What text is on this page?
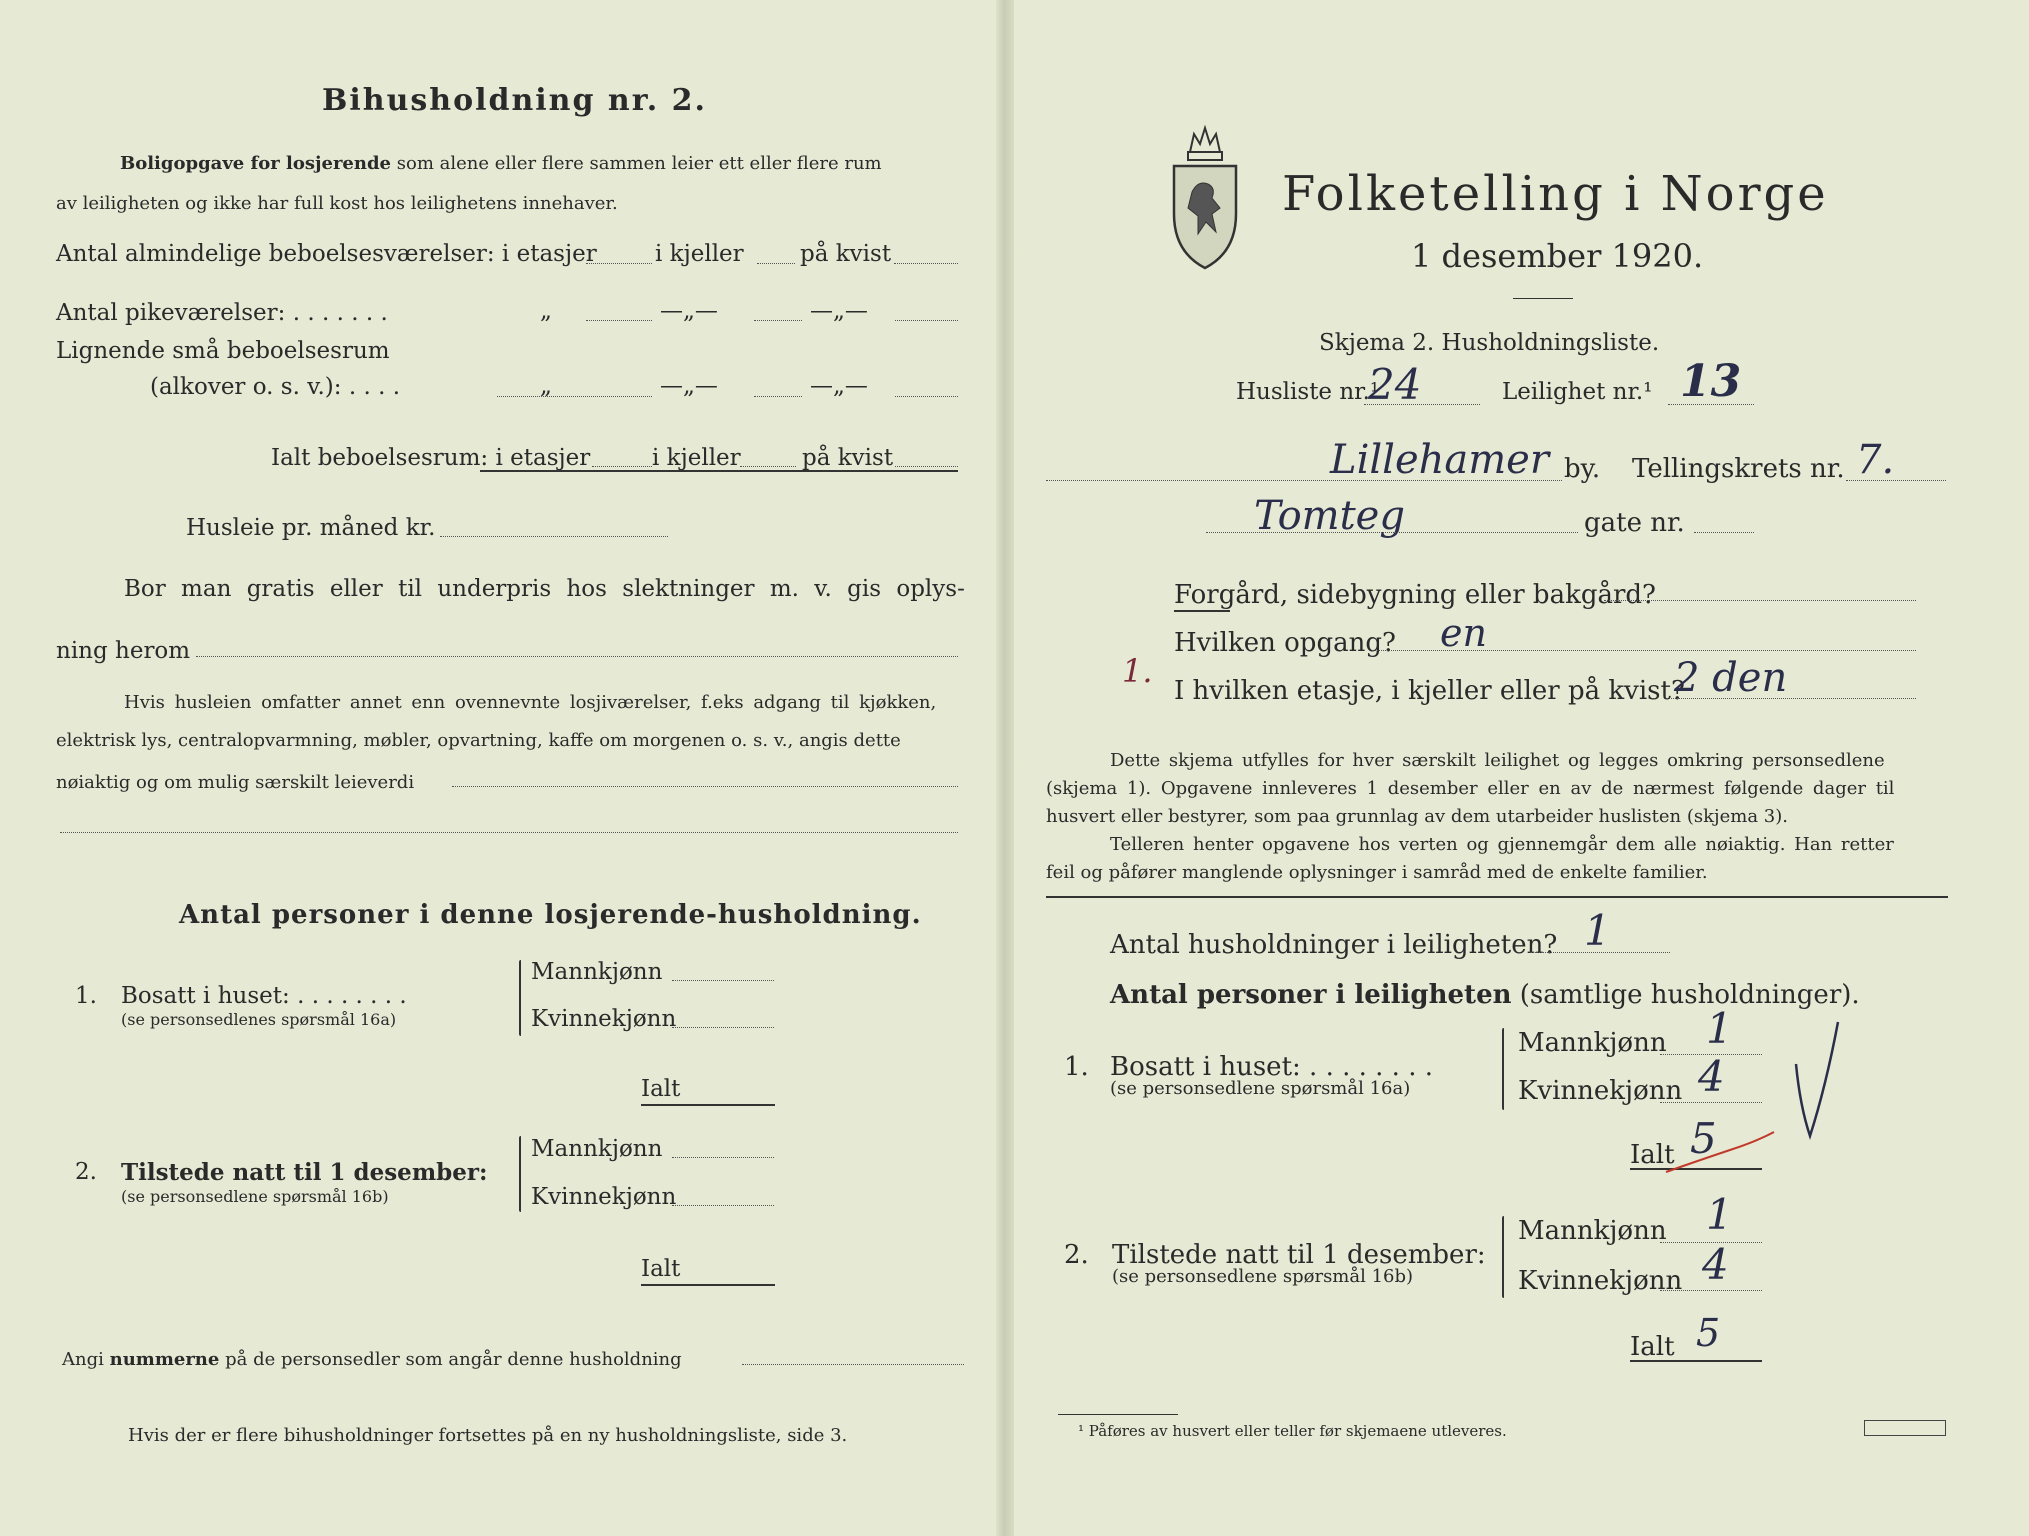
Bihusholdning nr. 2.
Boligopgave for losjerende som alene eller flere sammen leier ett eller flere rum
av leiligheten og ikke har full kost hos leilighetens innehaver.
Antal almindelige beboelsesværelser: i etasjer	i kjeller på kvist
Antal pikeværelser: . . . . . . .	„	—„—	—„—
Lignende små beboelsesrum
(alkover o. s. v.): . . . .	„	—„—	—„—
Ialt beboelsesrum: i etasjer	i kjeller	på kvist
Husleie pr. måned kr.
Bor man gratis eller til underpris hos slektninger m. v. gis oplys-
ning herom
Hvis husleien omfatter annet enn ovennevnte losjiværelser, f.eks adgang til kjøkken,
elektrisk lys, centralopvarmning, møbler, opvartning, kaffe om morgenen o. s. v., angis dette
nøiaktig og om mulig særskilt leieverdi
Antal personer i denne losjerende-husholdning.
1. Bosatt i huset: . . . . . . . .
(se personsedlenes spørsmål 16a)
Mannkjønn
Kvinnekjønn
Ialt
2. Tilstede natt til 1 desember:
(se personsedlene spørsmål 16b)
Mannkjønn
Kvinnekjønn
Ialt
Angi nummerne på de personsedler som angår denne husholdning
Hvis der er flere bihusholdninger fortsettes på en ny husholdningsliste, side 3.
Folketelling i Norge
1 desember 1920.
Skjema 2. Husholdningsliste.
Husliste nr.¹
24	Leilighet nr.¹ 13
Lillehamer by. Tellingskrets nr. 7.
Tomteg	gate nr.
Forgård, sidebygning eller bakgård?
Hvilken opgang? en
1.
I hvilken etasje, i kjeller eller på kvist?
2 den
Dette skjema utfylles for hver særskilt leilighet og legges omkring personsedlene
(skjema 1). Opgavene innleveres 1 desember eller en av de nærmest følgende dager til
husvert eller bestyrer, som paa grunnlag av dem utarbeider huslisten (skjema 3).
Telleren henter opgavene hos verten og gjennemgår dem alle nøiaktig. Han retter
feil og påfører manglende oplysninger i samråd med de enkelte familier.
Antal husholdninger i leiligheten? 1
Antal personer i leiligheten (samtlige husholdninger).
1. Bosatt i huset: . . . . . . . .
(se personsedlene spørsmål 16a)
Mannkjønn 1
Kvinnekjønn 4
Ialt 5
2. Tilstede natt til 1 desember:
(se personsedlene spørsmål 16b)
Mannkjønn 1
Kvinnekjønn 4
Ialt 5
¹ Påføres av husvert eller teller før skjemaene utleveres.
